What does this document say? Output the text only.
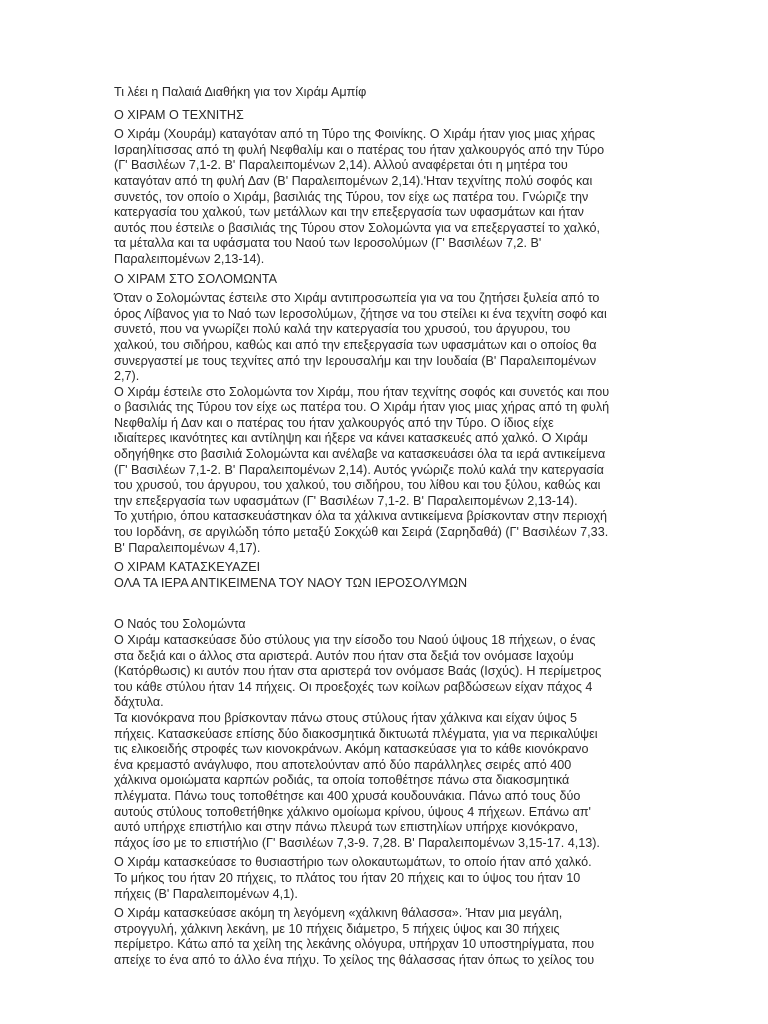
Τι λέει η Παλαιά Διαθήκη για τον Χιράμ Αμπίφ
Ο ΧΙΡΑΜ Ο ΤΕΧΝΙΤΗΣ
Ο Χιράμ (Χουράμ) καταγόταν από τη Τύρο της Φοινίκης. Ο Χιράμ ήταν γιος μιας χήρας
Ισραηλίτισσας από τη φυλή Νεφθαλίμ και ο πατέρας του ήταν χαλκουργός από την Τύρο
(Γ' Βασιλέων 7,1-2. Β' Παραλειπομένων 2,14). Αλλού αναφέρεται ότι η μητέρα του
καταγόταν από τη φυλή Δαν (Β' Παραλειπομένων 2,14).'Ηταν τεχνίτης πολύ σοφός και
συνετός, τον οποίο ο Χιράμ, βασιλιάς της Τύρου, τον είχε ως πατέρα του. Γνώριζε την
κατεργασία του χαλκού, των μετάλλων και την επεξεργασία των υφασμάτων και ήταν
αυτός που έστειλε ο βασιλιάς της Τύρου στον Σολομώντα για να επεξεργαστεί το χαλκό,
τα μέταλλα και τα υφάσματα του Ναού των Ιεροσολύμων (Γ' Βασιλέων 7,2. Β'
Παραλειπομένων 2,13-14).
Ο ΧΙΡΑΜ ΣΤΟ ΣΟΛΟΜΩΝΤΑ
Όταν ο Σολομώντας έστειλε στο Χιράμ αντιπροσωπεία για να του ζητήσει ξυλεία από το
όρος Λίβανος για το Ναό των Ιεροσολύμων, ζήτησε να του στείλει κι ένα τεχνίτη σοφό και
συνετό, που να γνωρίζει πολύ καλά την κατεργασία του χρυσού, του άργυρου, του
χαλκού, του σιδήρου, καθώς και από την επεξεργασία των υφασμάτων και ο οποίος θα
συνεργαστεί με τους τεχνίτες από την Ιερουσαλήμ και την Ιουδαία (Β' Παραλειπομένων
2,7).
Ο Χιράμ έστειλε στο Σολομώντα τον Χιράμ, που ήταν τεχνίτης σοφός και συνετός και που
ο βασιλιάς της Τύρου τον είχε ως πατέρα του. Ο Χιράμ ήταν γιος μιας χήρας από τη φυλή
Νεφθαλίμ ή Δαν και ο πατέρας του ήταν χαλκουργός από την Τύρο. Ο ίδιος είχε
ιδιαίτερες ικανότητες και αντίληψη και ήξερε να κάνει κατασκευές από χαλκό. Ο Χιράμ
οδηγήθηκε στο βασιλιά Σολομώντα και ανέλαβε να κατασκευάσει όλα τα ιερά αντικείμενα
(Γ' Βασιλέων 7,1-2. Β' Παραλειπομένων 2,14). Αυτός γνώριζε πολύ καλά την κατεργασία
του χρυσού, του άργυρου, του χαλκού, του σιδήρου, του λίθου και του ξύλου, καθώς και
την επεξεργασία των υφασμάτων (Γ' Βασιλέων 7,1-2. Β' Παραλειπομένων 2,13-14).
Το χυτήριο, όπου κατασκευάστηκαν όλα τα χάλκινα αντικείμενα βρίσκονταν στην περιοχή
του Ιορδάνη, σε αργιλώδη τόπο μεταξύ Σοκχώθ και Σειρά (Σαρηδαθά) (Γ' Βασιλέων 7,33.
Β' Παραλειπομένων 4,17).
Ο ΧΙΡΑΜ ΚΑΤΑΣΚΕΥΑΖΕΙ
ΟΛΑ ΤΑ ΙΕΡΑ ΑΝΤΙΚΕΙΜΕΝΑ ΤΟΥ ΝΑΟΥ ΤΩΝ ΙΕΡΟΣΟΛΥΜΩΝ
Ο Ναός του Σολομώντα
Ο Χιράμ κατασκεύασε δύο στύλους για την είσοδο του Ναού ύψους 18 πήχεων, ο ένας
στα δεξιά και ο άλλος στα αριστερά. Αυτόν που ήταν στα δεξιά τον ονόμασε Ιαχούμ
(Κατόρθωσις) κι αυτόν που ήταν στα αριστερά τον ονόμασε Βαάς (Ισχύς). Η περίμετρος
του κάθε στύλου ήταν 14 πήχεις. Οι προεξοχές των κοίλων ραβδώσεων είχαν πάχος 4
δάχτυλα.
Τα κιονόκρανα που βρίσκονταν πάνω στους στύλους ήταν χάλκινα και είχαν ύψος 5
πήχεις. Κατασκεύασε επίσης δύο διακοσμητικά δικτυωτά πλέγματα, για να περικαλύψει
τις ελικοειδής στροφές των κιονοκράνων. Ακόμη κατασκεύασε για το κάθε κιονόκρανο
ένα κρεμαστό ανάγλυφο, που αποτελούνταν από δύο παράλληλες σειρές από 400
χάλκινα ομοιώματα καρπών ροδιάς, τα οποία τοποθέτησε πάνω στα διακοσμητικά
πλέγματα. Πάνω τους τοποθέτησε και 400 χρυσά κουδουνάκια. Πάνω από τους δύο
αυτούς στύλους τοποθετήθηκε χάλκινο ομοίωμα κρίνου, ύψους 4 πήχεων. Επάνω απ'
αυτό υπήρχε επιστήλιο και στην πάνω πλευρά των επιστηλίων υπήρχε κιονόκρανο,
πάχος ίσο με το επιστήλιο (Γ' Βασιλέων 7,3-9. 7,28. Β' Παραλειπομένων 3,15-17. 4,13).
Ο Χιράμ κατασκεύασε το θυσιαστήριο των ολοκαυτωμάτων, το οποίο ήταν από χαλκό.
Το μήκος του ήταν 20 πήχεις, το πλάτος του ήταν 20 πήχεις και το ύψος του ήταν 10
πήχεις (Β' Παραλειπομένων 4,1).
Ο Χιράμ κατασκεύασε ακόμη τη λεγόμενη «χάλκινη θάλασσα». Ήταν μια μεγάλη,
στρογγυλή, χάλκινη λεκάνη, με 10 πήχεις διάμετρο, 5 πήχεις ύψος και 30 πήχεις
περίμετρο. Κάτω από τα χείλη της λεκάνης ολόγυρα, υπήρχαν 10 υποστηρίγματα, που
απείχε το ένα από το άλλο ένα πήχυ. Το χείλος της θάλασσας ήταν όπως το χείλος του
